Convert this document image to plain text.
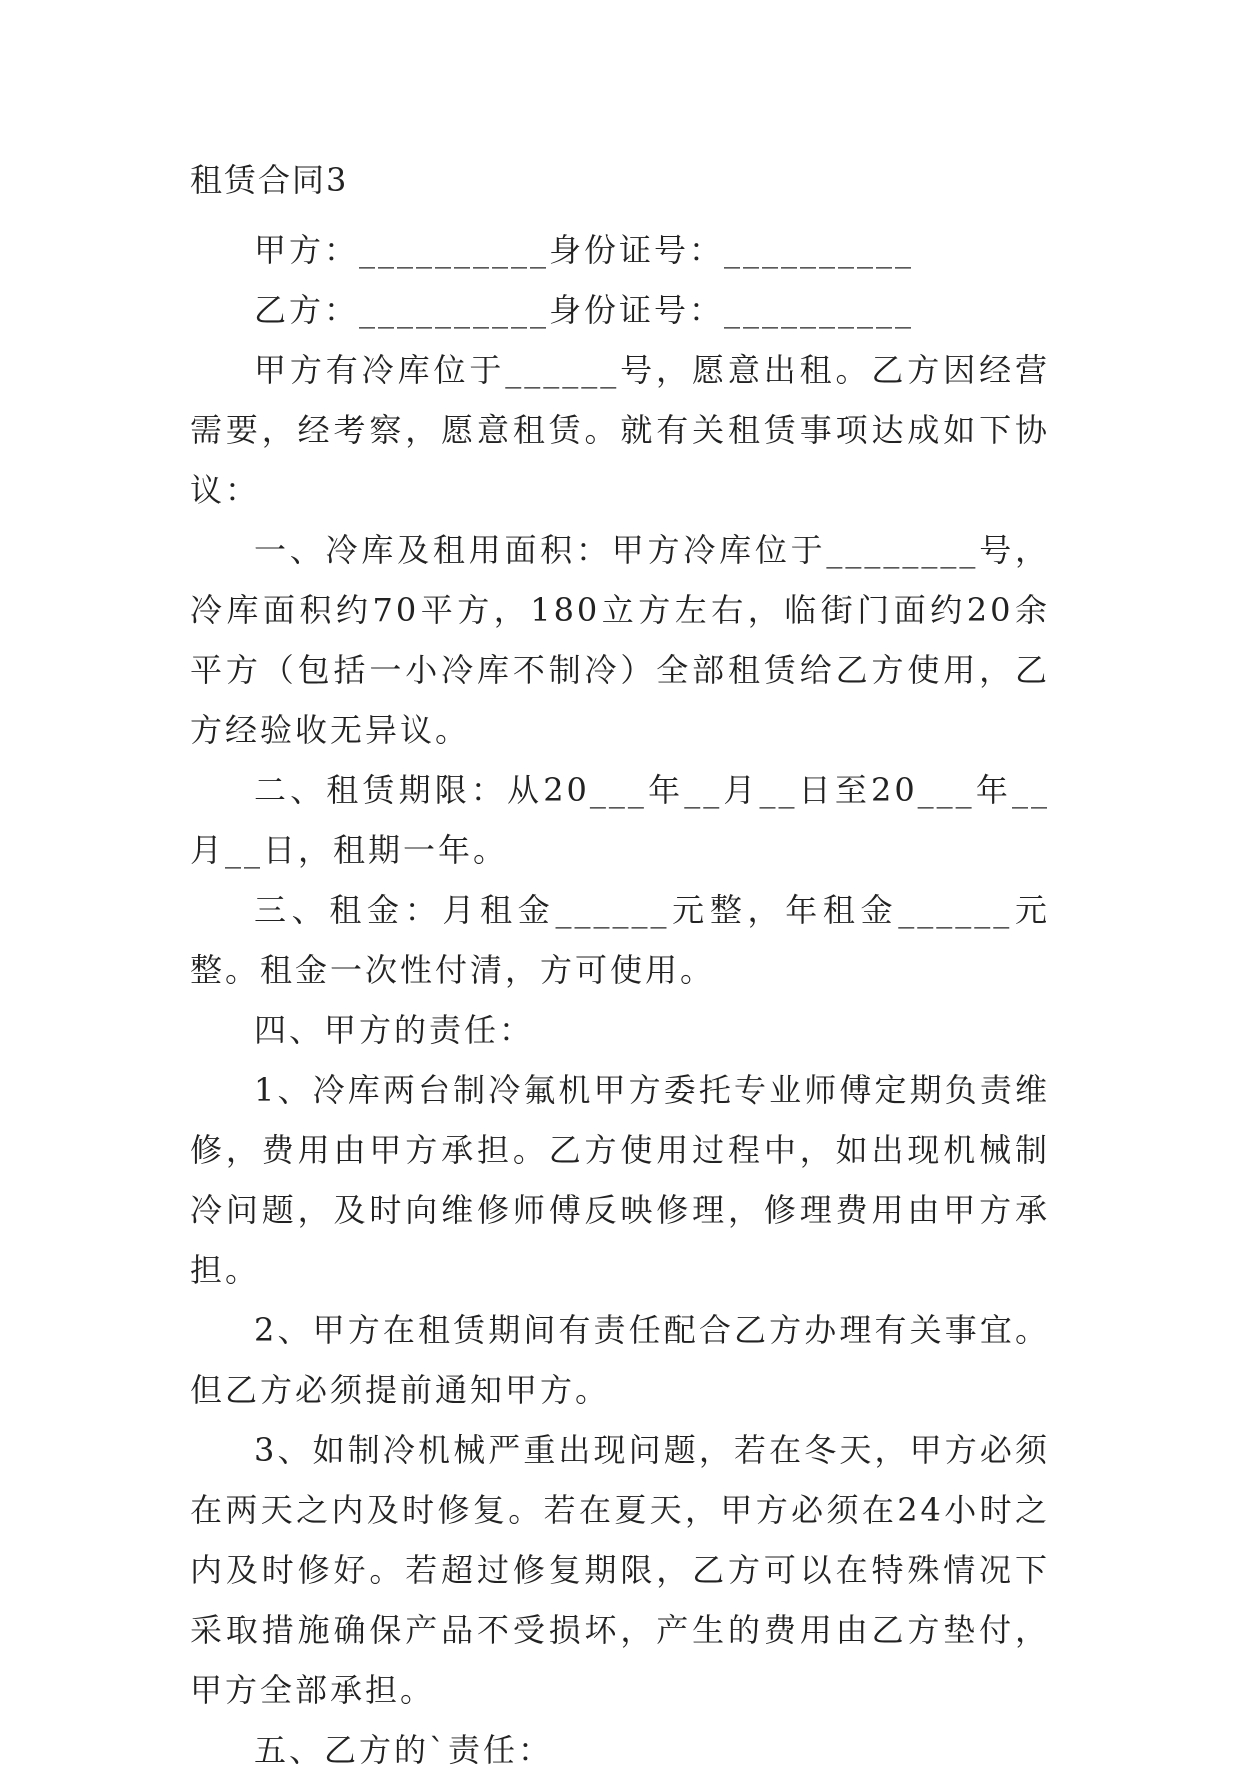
租赁合同3

甲方：__________身份证号：__________

乙方：__________身份证号：__________

甲方有冷库位于______号，愿意出租。乙方因经营需要，经考察，愿意租赁。就有关租赁事项达成如下协议：

一、冷库及租用面积：甲方冷库位于________号，冷库面积约70平方，180立方左右，临街门面约20余平方（包括一小冷库不制冷）全部租赁给乙方使用，乙方经验收无异议。

二、租赁期限：从20___年__月__日至20___年__月__日，租期一年。

三、租金：月租金______元整，年租金______元整。租金一次性付清，方可使用。

四、甲方的责任：

1、冷库两台制冷氟机甲方委托专业师傅定期负责维修，费用由甲方承担。乙方使用过程中，如出现机械制冷问题，及时向维修师傅反映修理，修理费用由甲方承担。

2、甲方在租赁期间有责任配合乙方办理有关事宜。但乙方必须提前通知甲方。

3、如制冷机械严重出现问题，若在冬天，甲方必须在两天之内及时修复。若在夏天，甲方必须在24小时之内及时修好。若超过修复期限，乙方可以在特殊情况下采取措施确保产品不受损坏，产生的费用由乙方垫付，甲方全部承担。

五、乙方的`责任：
